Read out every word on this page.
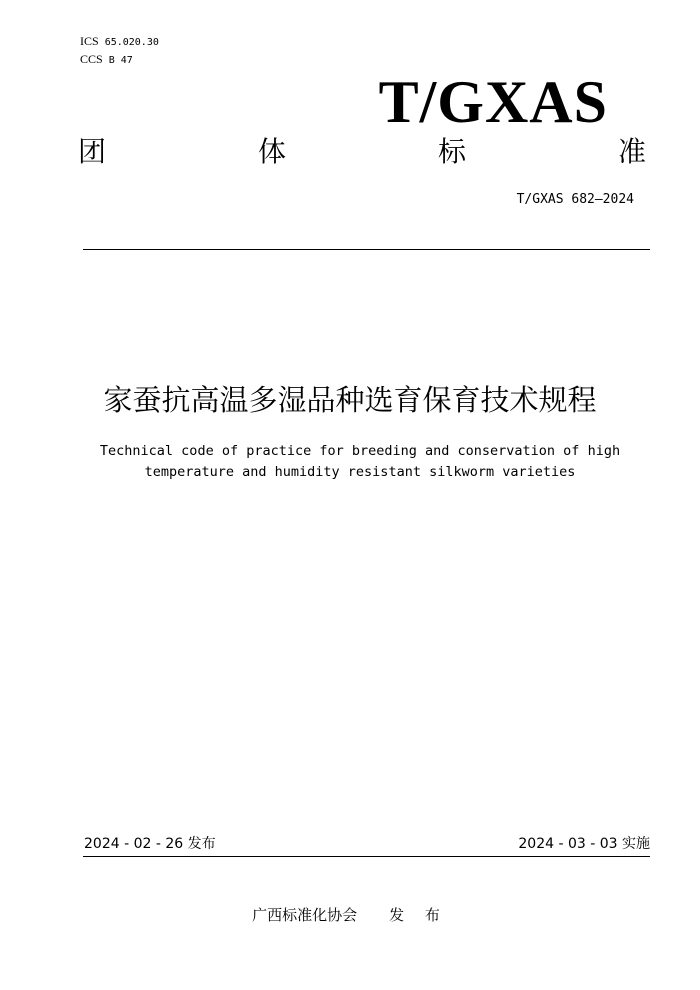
ICS 65.020.30
CCS B 47
T/GXAS
团	体	标	准
T/GXAS 682—2024
家蚕抗高温多湿品种选育保育技术规程
Technical code of practice for breeding and conservation of high
temperature and humidity resistant silkworm varieties
2024 - 02 - 26 发布	2024 - 03 - 03 实施
广西标准化协会 发 布
